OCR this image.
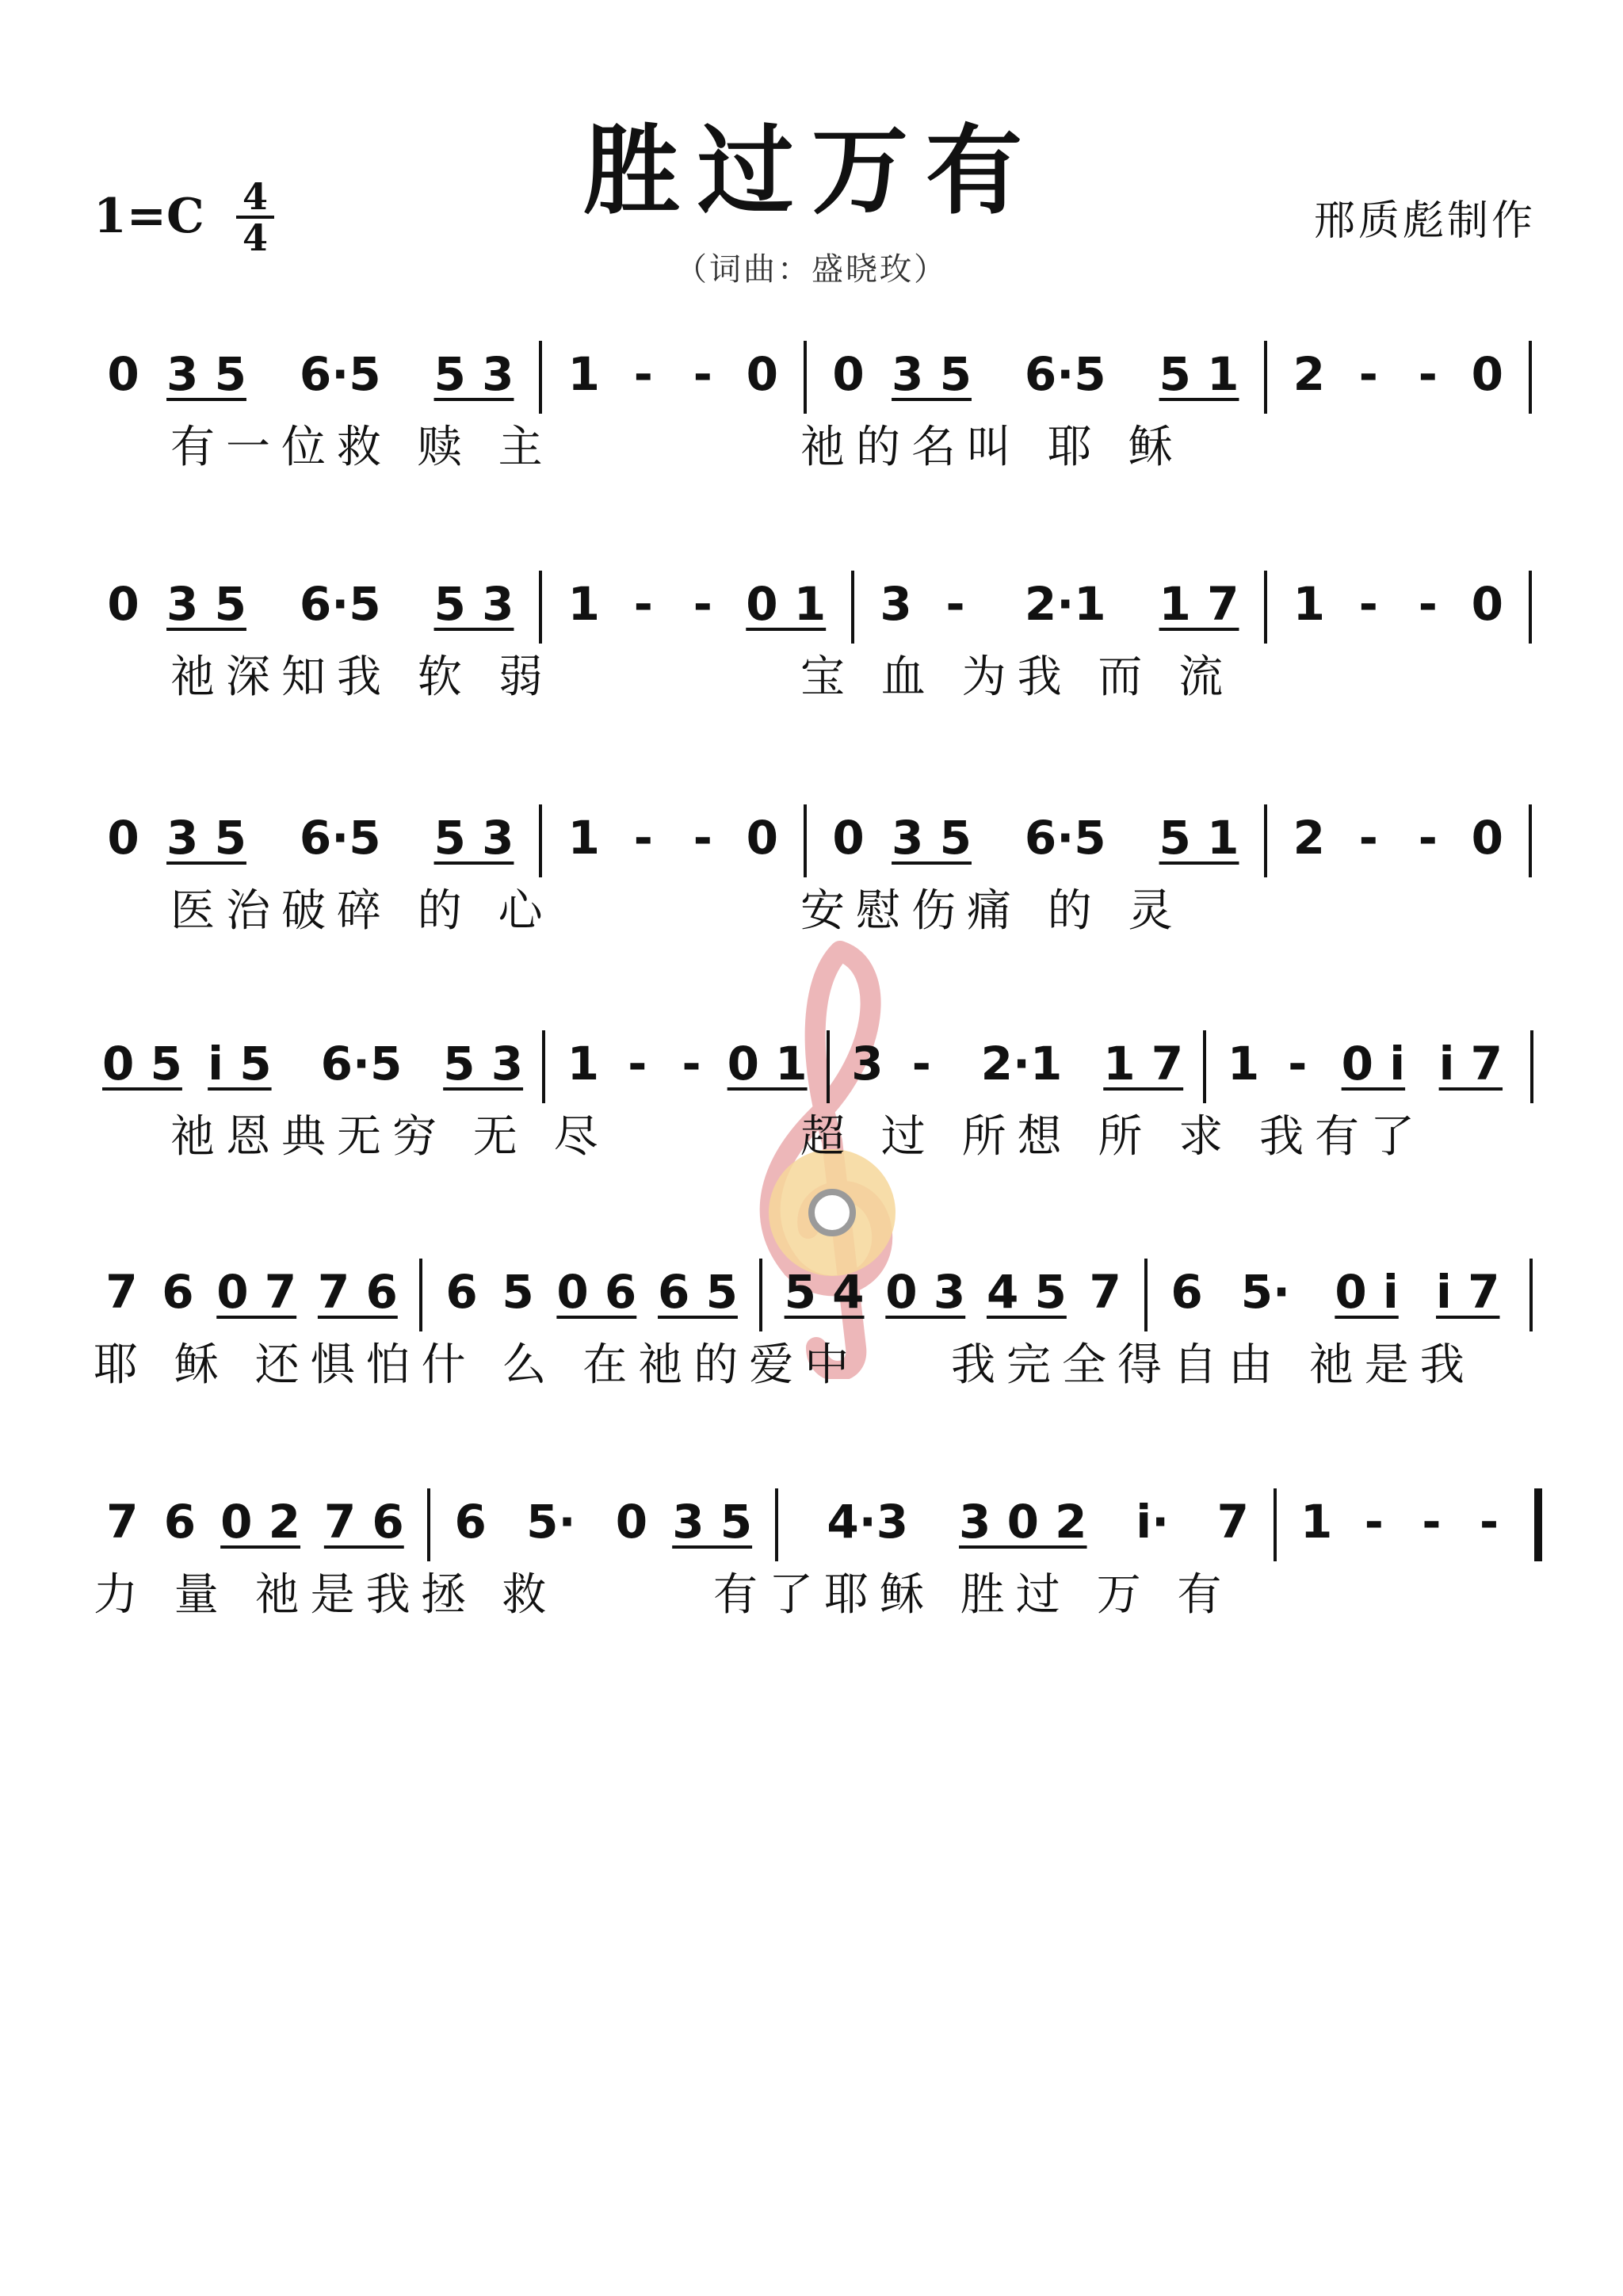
胜过万有
1=C 4
4	邢质彪制作
（词曲：盛晓玫）
0 3 5	6·5	5 3 1 - - 0 0 3 5	6·5	5 1 2 - - 0
有一位救 赎 主	祂的名叫 耶 稣
0 3 5	6·5	5 3 1 - - 0 1 3 -	2·1	1 7 1 - - 0
祂深知我 软 弱	宝 血 为我 而 流
0 3 5	6·5	5 3 1 - - 0 0 3 5	6·5	5 1 2 - - 0
医治破碎 的 心	安慰伤痛 的 灵
0 5 i 5	6·5 5 3 1 - - 0 1 3 -	2·1 1 7 1 - 0 i i 7
祂恩典无穷 无 尽	超 过 所想 所 求 我有了
7 6 0 7 7 6 6 5 0 6 6 5 5 4 0 3 4 5 7 6 5· 0 i i 7
耶 稣 还惧怕什 么 在祂的爱中 我完全得自由 祂是我
7 6 0 2 7 6 6 5· 0 3 5	4·3	3 0 2	i·	7 1 - - -
力 量 祂是我拯 救	有了耶稣 胜过 万 有
